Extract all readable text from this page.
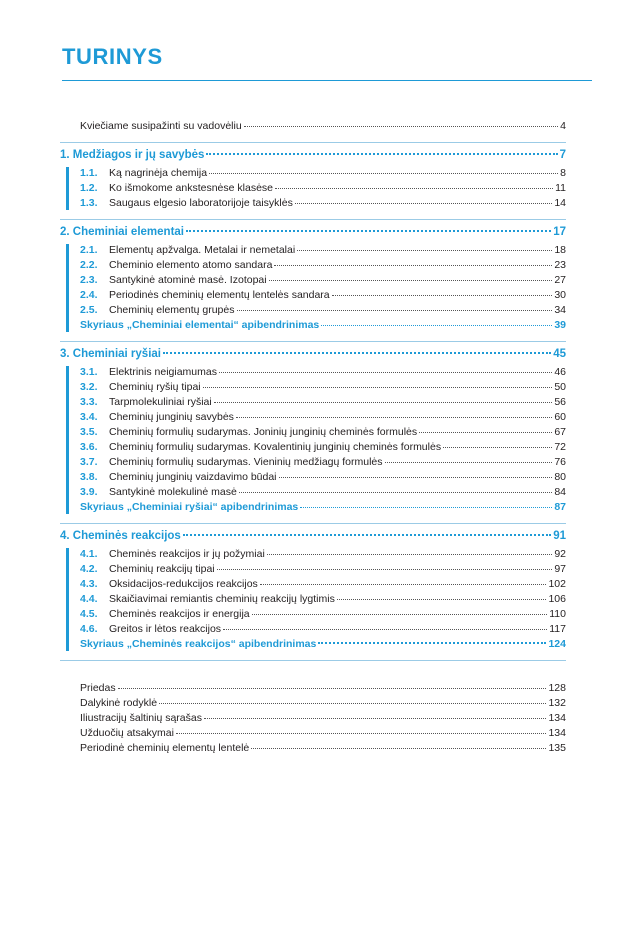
TURINYS
Kviečiame susipažinti su vadovėliu	4
1. Medžiagos ir jų savybės	7
1.1.	Ką nagrinėja chemija	8
1.2.	Ko išmokome ankstesnėse klasėse	11
1.3.	Saugaus elgesio laboratorijoje taisyklės	14
2. Cheminiai elementai	17
2.1.	Elementų apžvalga. Metalai ir nemetalai	18
2.2.	Cheminio elemento atomo sandara	23
2.3.	Santykinė atominė masė. Izotopai	27
2.4.	Periodinės cheminių elementų lentelės sandara	30
2.5.	Cheminių elementų grupės	34
Skyriaus „Cheminiai elementai“ apibendrinimas	39
3. Cheminiai ryšiai	45
3.1.	Elektrinis neigiamumas	46
3.2.	Cheminių ryšių tipai	50
3.3.	Tarpmolekuliniai ryšiai	56
3.4.	Cheminių junginių savybės	60
3.5.	Cheminių formulių sudarymas. Joninių junginių cheminės formulės	67
3.6.	Cheminių formulių sudarymas. Kovalentinių junginių cheminės formulės	72
3.7.	Cheminių formulių sudarymas. Vieninių medžiagų formulės	76
3.8.	Cheminių junginių vaizdavimo būdai	80
3.9.	Santykinė molekulinė masė	84
Skyriaus „Cheminiai ryšiai“ apibendrinimas	87
4. Cheminės reakcijos	91
4.1.	Cheminės reakcijos ir jų požymiai	92
4.2.	Cheminių reakcijų tipai	97
4.3.	Oksidacijos-redukcijos reakcijos	102
4.4.	Skaičiavimai remiantis cheminių reakcijų lygtimis	106
4.5.	Cheminės reakcijos ir energija	110
4.6.	Greitos ir lėtos reakcijos	117
Skyriaus „Cheminės reakcijos“ apibendrinimas	124
Priedas	128
Dalykinė rodyklė	132
Iliustracijų šaltinių sąrašas	134
Užduočių atsakymai	134
Periodinė cheminių elementų lentelė	135
